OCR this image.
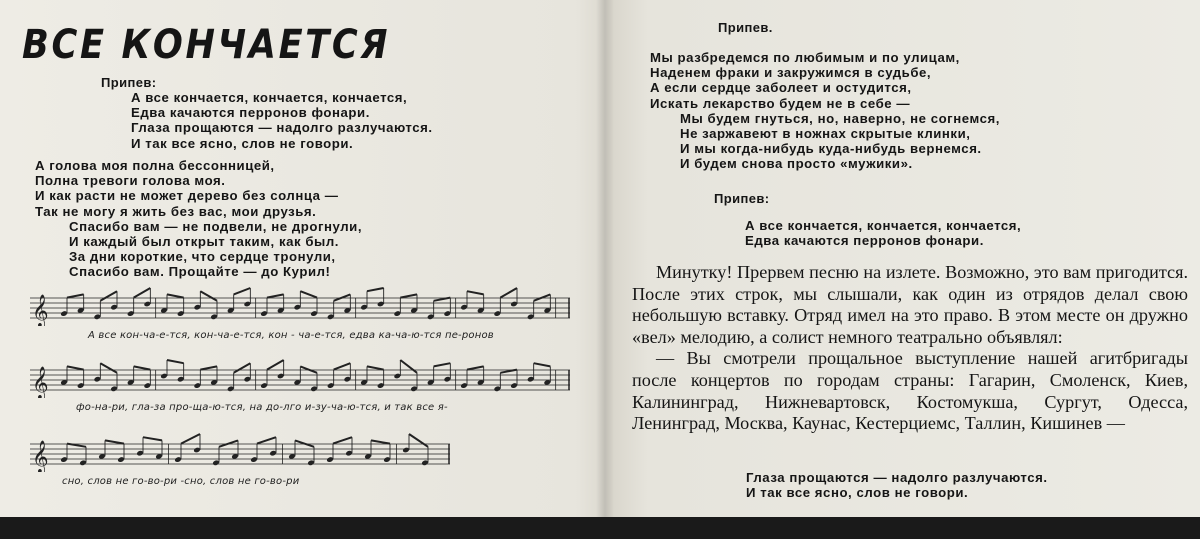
ВСЕ КОНЧАЕТСЯ
Припев:
А все кончается, кончается, кончается,
Едва качаются перронов фонари.
Глаза прощаются — надолго разлучаются.
И так все ясно, слов не говори.
А голова моя полна бессонницей,
Полна тревоги голова моя.
И как расти не может дерево без солнца —
Так не могу я жить без вас, мои друзья.
Спасибо вам — не подвели, не дрогнули,
И каждый был открыт таким, как был.
За дни короткие, что сердце тронули,
Спасибо вам. Прощайте — до Курил!
𝄞
А все кон-ча-е-тся, кон-ча-е-тся, кон - ча-е-тся, едва ка-ча-ю-тся пе-ронов
𝄞
фо-на-ри, гла-за про-ща-ю-тся, на до-лго и-зу-ча-ю-тся, и так все я-
𝄞
сно, слов не го-во-ри -сно, слов не го-во-ри
Припев.
Мы разбредемся по любимым и по улицам,
Наденем фраки и закружимся в судьбе,
А если сердце заболеет и остудится,
Искать лекарство будем не в себе —
Мы будем гнуться, но, наверно, не согнемся,
Не заржавеют в ножнах скрытые клинки,
И мы когда-нибудь куда-нибудь вернемся.
И будем снова просто «мужики».
Припев:
А все кончается, кончается, кончается,
Едва качаются перронов фонари.

Минутку! Прервем песню на излете. Возможно, это вам пригодится. После этих строк, мы слышали, как один из отрядов делал свою небольшую вставку. Отряд имел на это право. В этом месте он дружно «вел» мелодию, а солист немного театрально объявлял:

— Вы смотрели прощальное выступление нашей агитбригады после концертов по городам страны: Гагарин, Смоленск, Киев, Калининград, Нижневартовск, Костомукша, Сургут, Одесса, Ленинград, Москва, Каунас, Кестерциемс, Таллин, Кишинев —

Глаза прощаются — надолго разлучаются.
И так все ясно, слов не говори.
